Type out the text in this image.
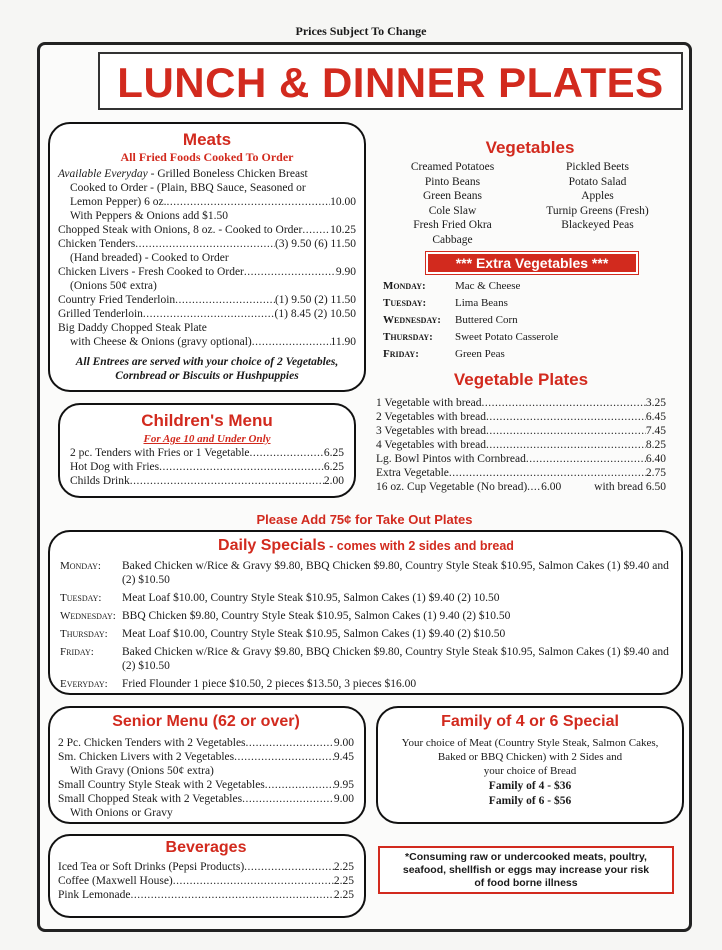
Prices Subject To Change
LUNCH & DINNER PLATES
Meats
All Fried Foods Cooked To Order
Available Everyday - Grilled Boneless Chicken Breast
Cooked to Order - (Plain, BBQ Sauce, Seasoned or
Lemon Pepper) 6 oz. .....	10.00
With Peppers & Onions add $1.50
Chopped Steak with Onions, 8 oz. - Cooked to Order ..... 10.25
Chicken Tenders .....	(3) 9.50 (6) 11.50
(Hand breaded) - Cooked to Order
Chicken Livers - Fresh Cooked to Order .....	9.90
(Onions 50¢ extra)
Country Fried Tenderloin .....	(1) 9.50 (2) 11.50
Grilled Tenderloin .....	(1) 8.45 (2) 10.50
Big Daddy Chopped Steak Plate
with Cheese & Onions (gravy optional) .....	11.90
All Entrees are served with your choice of 2 Vegetables,
Cornbread or Biscuits or Hushpuppies
Children's Menu
For Age 10 and Under Only
2 pc. Tenders with Fries or 1 Vegetable .....	6.25
Hot Dog with Fries .....	6.25
Childs Drink .....	2.00
Vegetables
Creamed Potatoes
Pinto Beans
Green Beans
Cole Slaw
Fresh Fried Okra
Cabbage
Pickled Beets
Potato Salad
Apples
Turnip Greens (Fresh)
Blackeyed Peas
*** Extra Vegetables ***
Monday:	Mac & Cheese
Tuesday:	Lima Beans
Wednesday:	Buttered Corn
Thursday:	Sweet Potato Casserole
Friday:	Green Peas
Vegetable Plates
1 Vegetable with bread .....	3.25
2 Vegetables with bread .....	6.45
3 Vegetables with bread .....	7.45
4 Vegetables with bread .....	8.25
Lg. Bowl Pintos with Cornbread .....	6.40
Extra Vegetable .....	2.75
16 oz. Cup Vegetable (No bread) ..... 6.00	with bread 6.50
Please Add 75¢ for Take Out Plates
Daily Specials - comes with 2 sides and bread
Monday:	Baked Chicken w/Rice & Gravy $9.80, BBQ Chicken $9.80, Country Style Steak $10.95, Salmon Cakes (1) $9.40 and (2) $10.50
Tuesday:	Meat Loaf $10.00, Country Style Steak $10.95, Salmon Cakes (1) $9.40 (2) 10.50
Wednesday: BBQ Chicken $9.80, Country Style Steak $10.95, Salmon Cakes (1) 9.40 (2) $10.50
Thursday:	Meat Loaf $10.00, Country Style Steak $10.95, Salmon Cakes (1) $9.40 (2) $10.50
Friday:	Baked Chicken w/Rice & Gravy $9.80, BBQ Chicken $9.80, Country Style Steak $10.95, Salmon Cakes (1) $9.40 and (2) $10.50
Everyday:	Fried Flounder 1 piece $10.50, 2 pieces $13.50, 3 pieces $16.00
Senior Menu (62 or over)
2 Pc. Chicken Tenders with 2 Vegetables .....	9.00
Sm. Chicken Livers with 2 Vegetables .....	9.45
With Gravy (Onions 50¢ extra)
Small Country Style Steak with 2 Vegetables .....	9.95
Small Chopped Steak with 2 Vegetables .....	9.00
With Onions or Gravy
Family of 4 or 6 Special
Your choice of Meat (Country Style Steak, Salmon Cakes,
Baked or BBQ Chicken) with 2 Sides and
your choice of Bread
Family of 4 - $36
Family of 6 - $56
Beverages
Iced Tea or Soft Drinks (Pepsi Products) .....	2.25
Coffee (Maxwell House) .....	2.25
Pink Lemonade .....	2.25
*Consuming raw or undercooked meats, poultry,
seafood, shellfish or eggs may increase your risk
of food borne illness
